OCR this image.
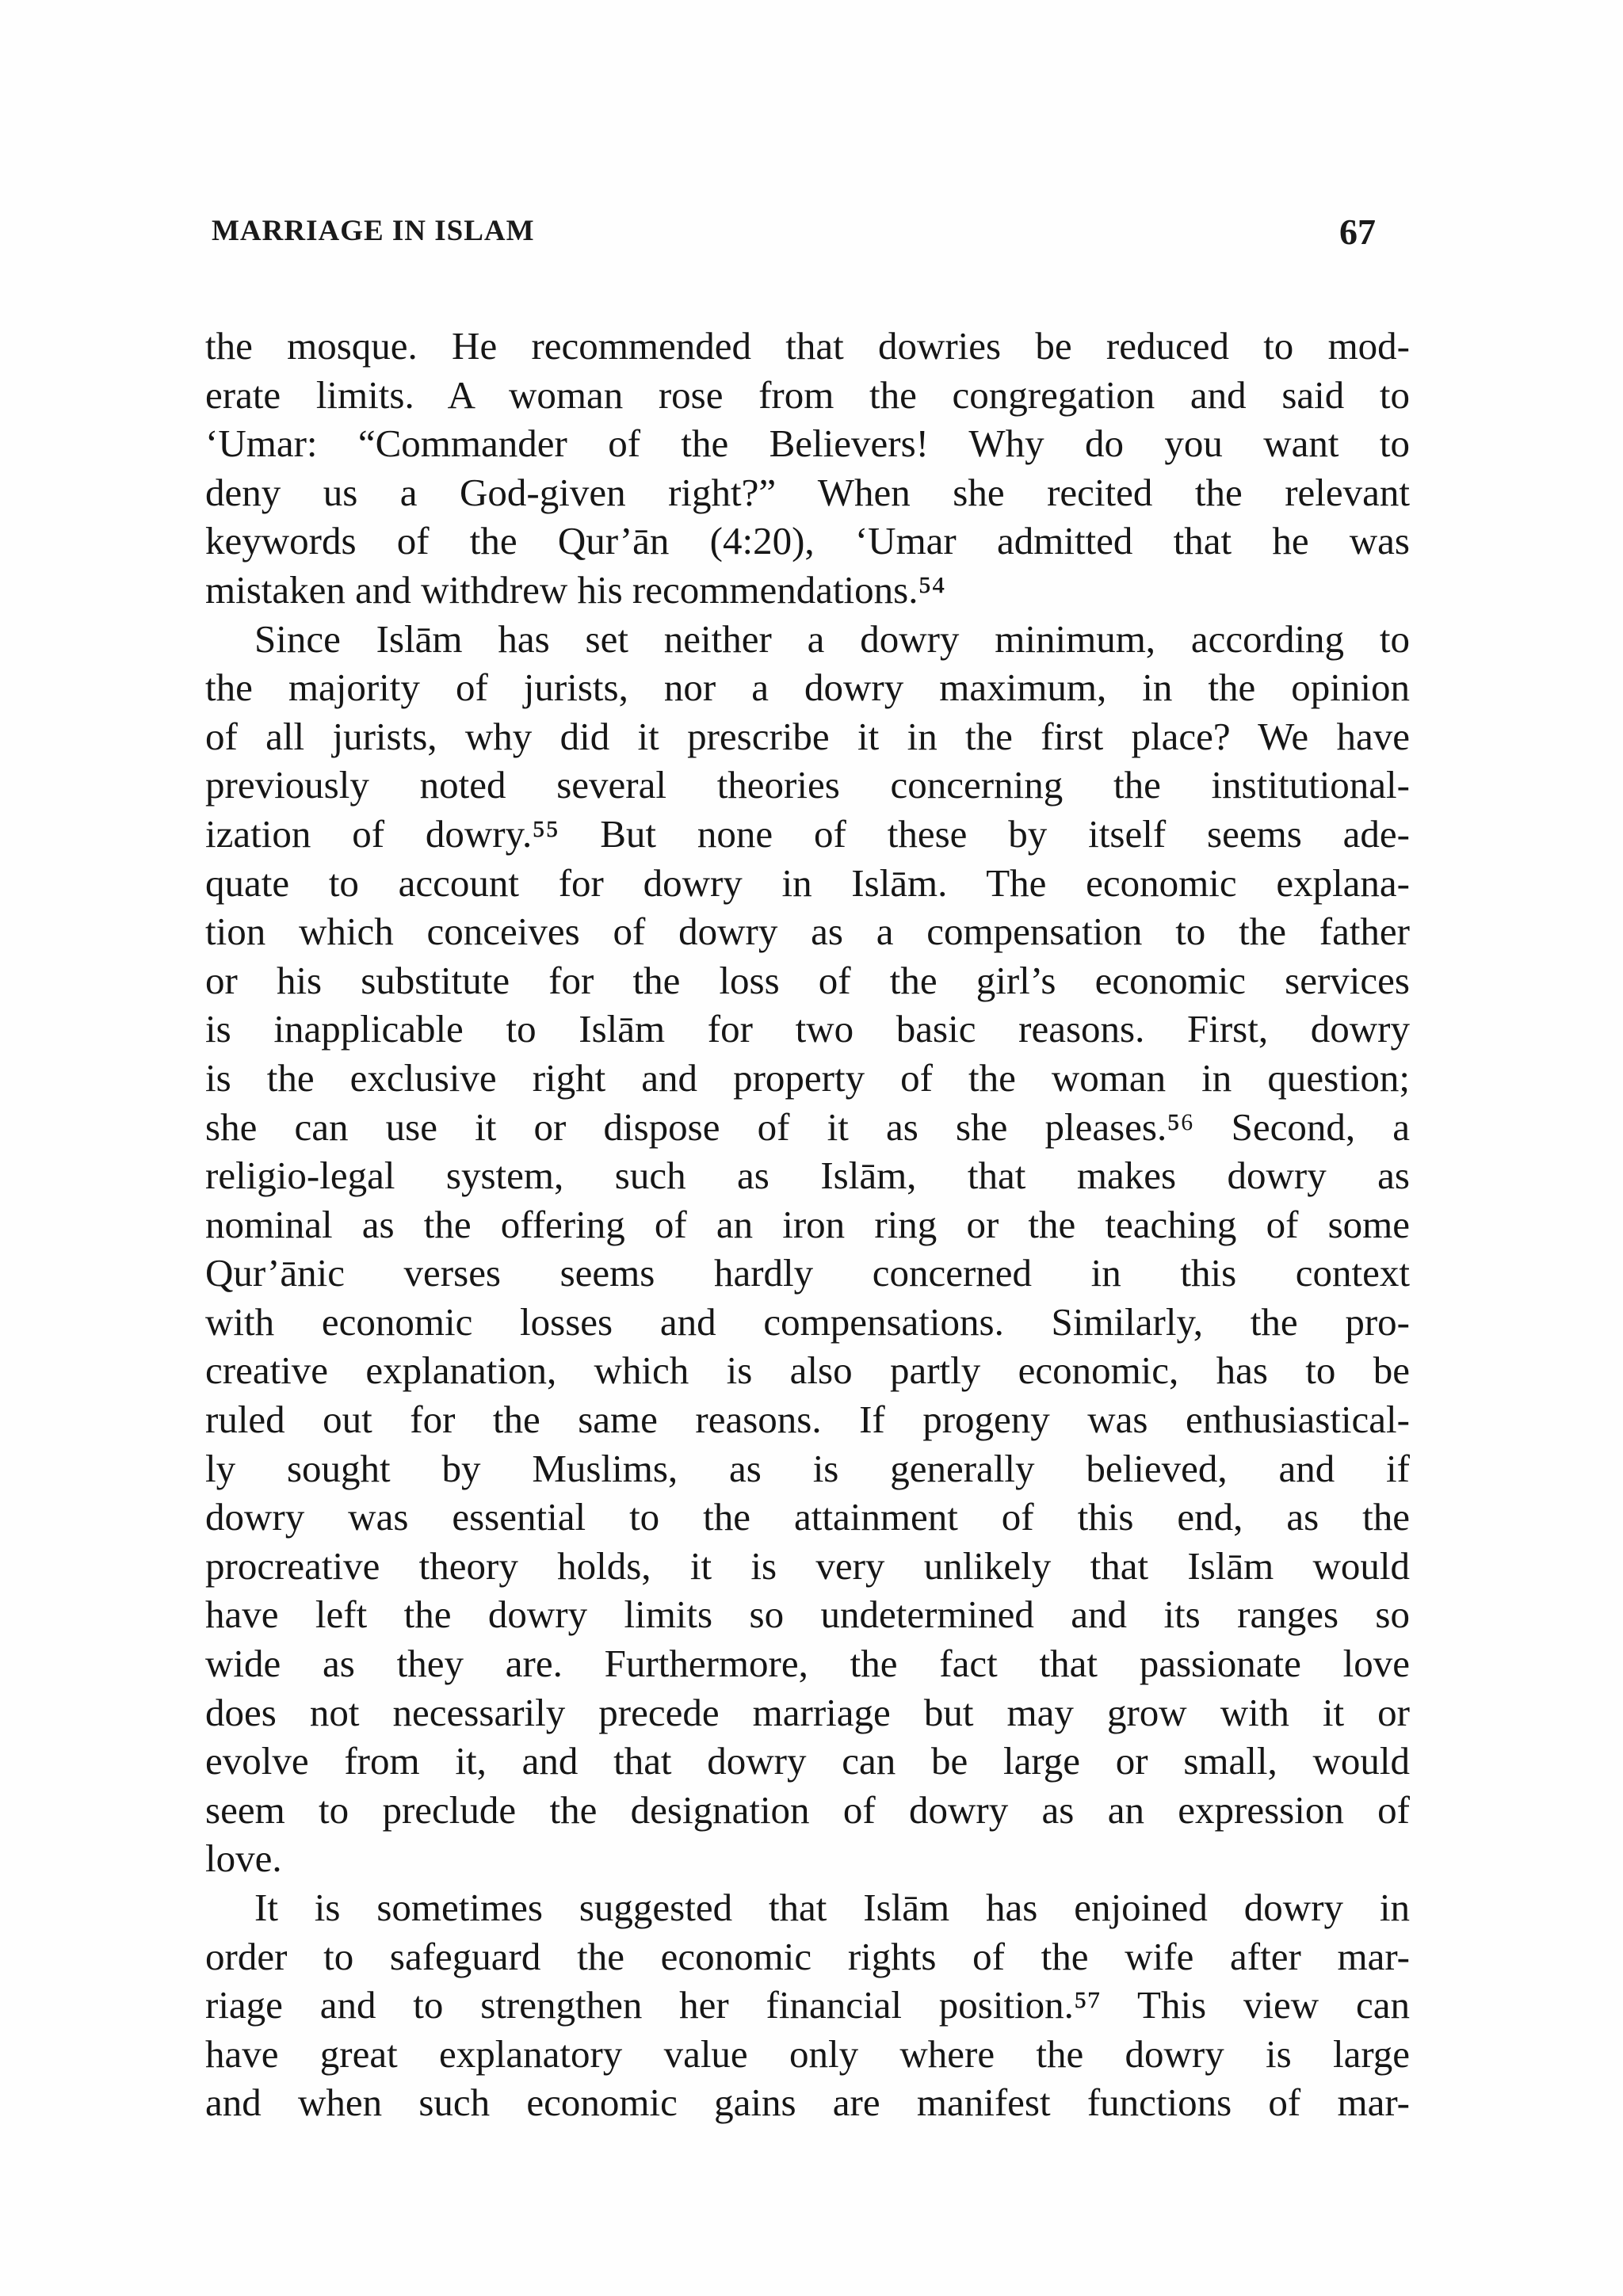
MARRIAGE IN ISLAM	67
the mosque. He recommended that dowries be reduced to mod-
erate limits. A woman rose from the congregation and said to
‘Umar: “Commander of the Believers! Why do you want to
deny us a God-given right?” When she recited the relevant
keywords of the Qur’ān (4:20), ‘Umar admitted that he was
mistaken and withdrew his recommendations.⁵⁴
Since Islām has set neither a dowry minimum, according to
the majority of jurists, nor a dowry maximum, in the opinion
of all jurists, why did it prescribe it in the first place? We have
previously noted several theories concerning the institutional-
ization of dowry.⁵⁵ But none of these by itself seems ade-
quate to account for dowry in Islām. The economic explana-
tion which conceives of dowry as a compensation to the father
or his substitute for the loss of the girl’s economic services
is inapplicable to Islām for two basic reasons. First, dowry
is the exclusive right and property of the woman in question;
she can use it or dispose of it as she pleases.⁵⁶ Second, a
religio-legal system, such as Islām, that makes dowry as
nominal as the offering of an iron ring or the teaching of some
Qur’ānic verses seems hardly concerned in this context
with economic losses and compensations. Similarly, the pro-
creative explanation, which is also partly economic, has to be
ruled out for the same reasons. If progeny was enthusiastical-
ly sought by Muslims, as is generally believed, and if
dowry was essential to the attainment of this end, as the
procreative theory holds, it is very unlikely that Islām would
have left the dowry limits so undetermined and its ranges so
wide as they are. Furthermore, the fact that passionate love
does not necessarily precede marriage but may grow with it or
evolve from it, and that dowry can be large or small, would
seem to preclude the designation of dowry as an expression of
love.
It is sometimes suggested that Islām has enjoined dowry in
order to safeguard the economic rights of the wife after mar-
riage and to strengthen her financial position.⁵⁷ This view can
have great explanatory value only where the dowry is large
and when such economic gains are manifest functions of mar-
